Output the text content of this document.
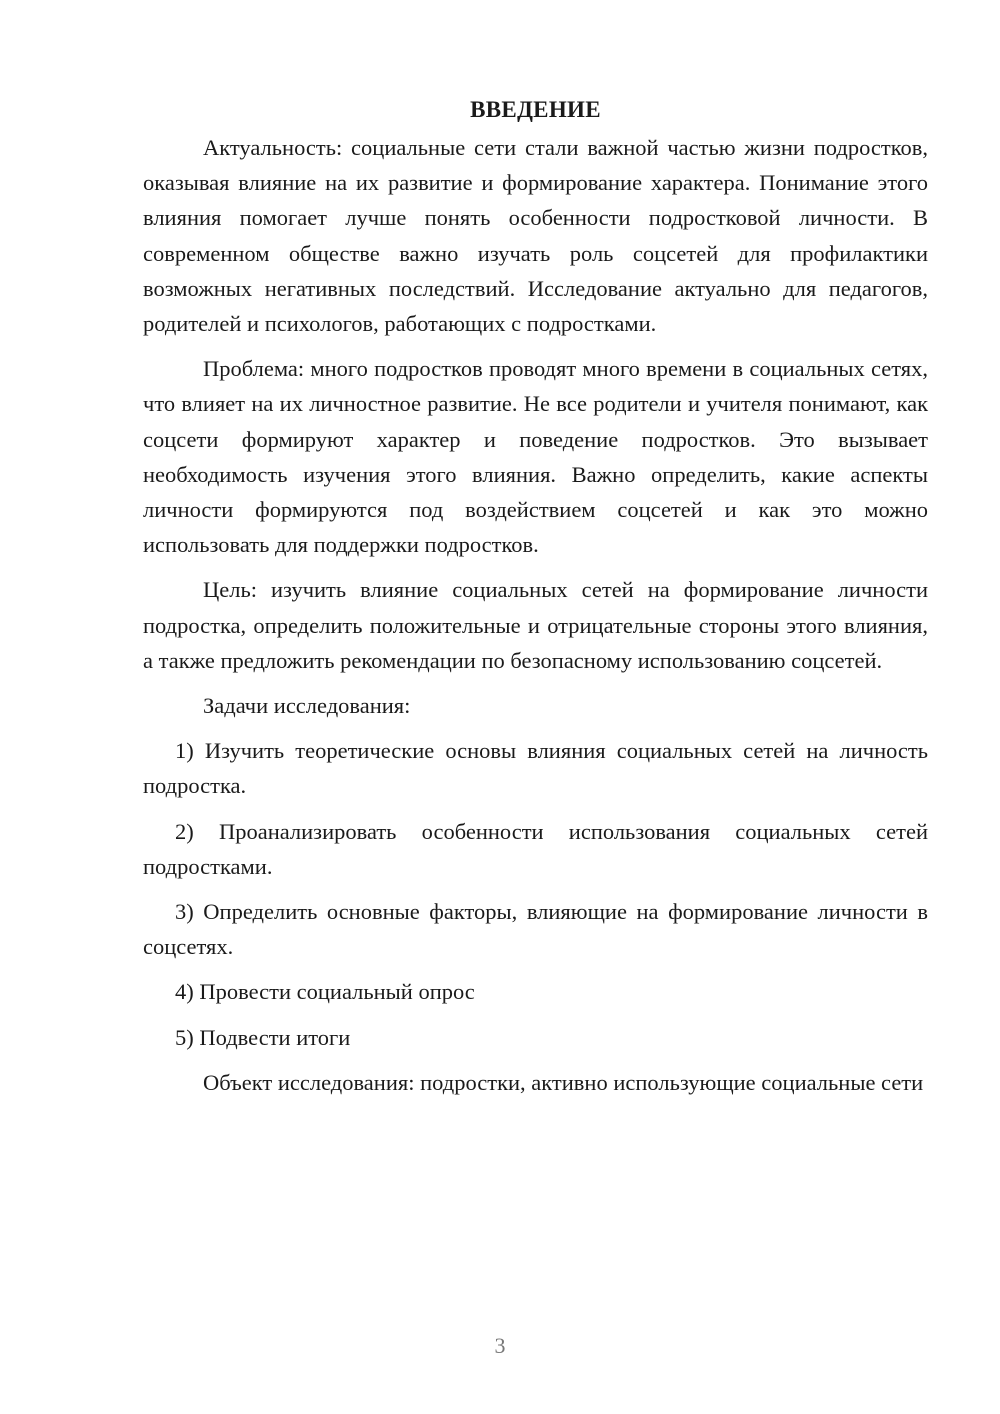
ВВЕДЕНИЕ

Актуальность: социальные сети стали важной частью жизни подростков, оказывая влияние на их развитие и формирование характера. Понимание этого влияния помогает лучше понять особенности подростковой личности. В современном обществе важно изучать роль соцсетей для профилактики возможных негативных последствий. Исследование актуально для педагогов, родителей и психологов, работающих с подростками.

Проблема: много подростков проводят много времени в социальных сетях, что влияет на их личностное развитие. Не все родители и учителя понимают, как соцсети формируют характер и поведение подростков. Это вызывает необходимость изучения этого влияния. Важно определить, какие аспекты личности формируются под воздействием соцсетей и как это можно использовать для поддержки подростков.

Цель: изучить влияние социальных сетей на формирование личности подростка, определить положительные и отрицательные стороны этого влияния, а также предложить рекомендации по безопасному использованию соцсетей.

Задачи исследования:

1) Изучить теоретические основы влияния социальных сетей на личность подростка.

2) Проанализировать особенности использования социальных сетей подростками.

3) Определить основные факторы, влияющие на формирование личности в соцсетях.

4) Провести социальный опрос

5) Подвести итоги

Объект исследования: подростки, активно использующие социальные сети

3
